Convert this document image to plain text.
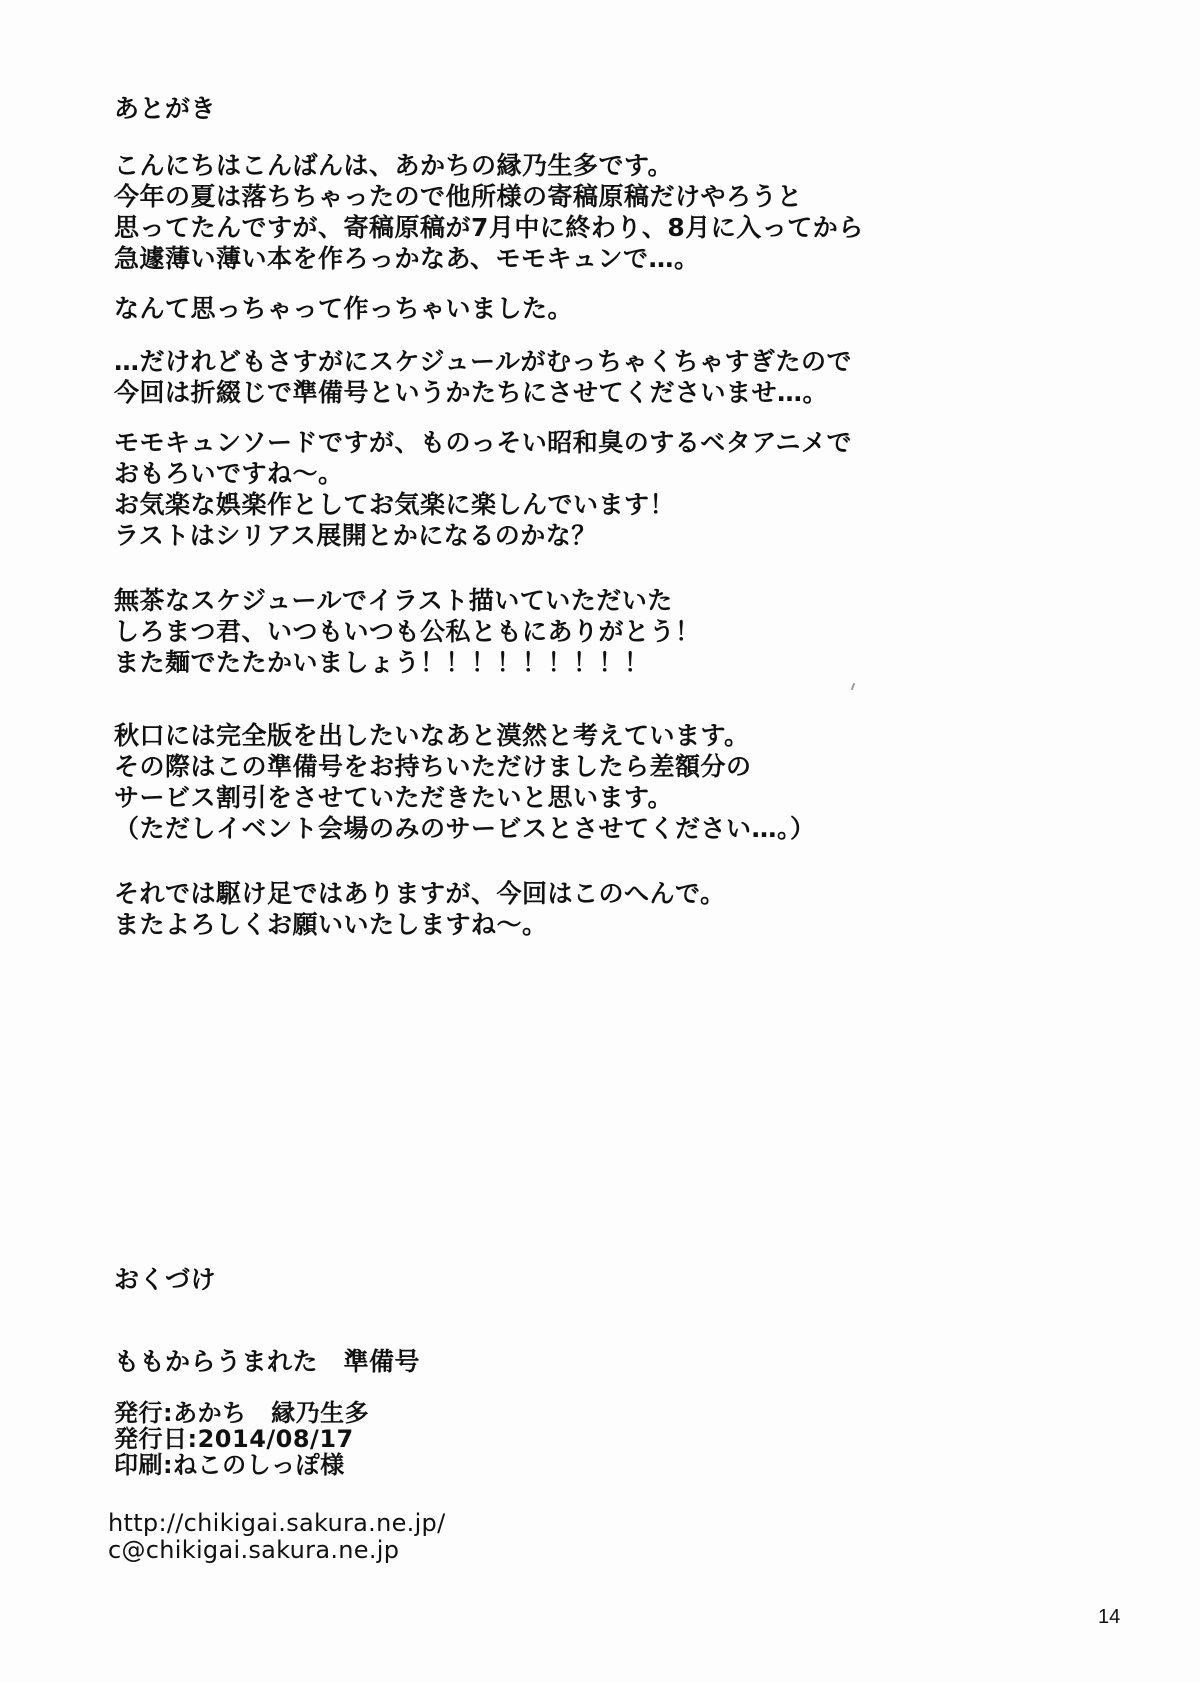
あとがき
こんにちはこんばんは、あかちの縁乃生多です。
今年の夏は落ちちゃったので他所様の寄稿原稿だけやろうと
思ってたんですが、寄稿原稿が7月中に終わり、8月に入ってから
急遽薄い薄い本を作ろっかなあ、モモキュンで…。
なんて思っちゃって作っちゃいました。
…だけれどもさすがにスケジュールがむっちゃくちゃすぎたので
今回は折綴じで準備号というかたちにさせてくださいませ…。
モモキュンソードですが、ものっそい昭和臭のするベタアニメで
おもろいですね〜。
お気楽な娯楽作としてお気楽に楽しんでいます！
ラストはシリアス展開とかになるのかな？
無茶なスケジュールでイラスト描いていただいた
しろまつ君、いつもいつも公私ともにありがとう！
また麺でたたかいましょう！！！！！！！！！
秋口には完全版を出したいなあと漠然と考えています。
その際はこの準備号をお持ちいただけましたら差額分の
サービス割引をさせていただきたいと思います。
（ただしイベント会場のみのサービスとさせてください…。）
それでは駆け足ではありますが、今回はこのへんで。
またよろしくお願いいたしますね〜。
おくづけ
ももからうまれた　準備号
発行:あかち　縁乃生多
発行日:2014/08/17
印刷:ねこのしっぽ様
http://chikigai.sakura.ne.jp/
c@chikigai.sakura.ne.jp
14
